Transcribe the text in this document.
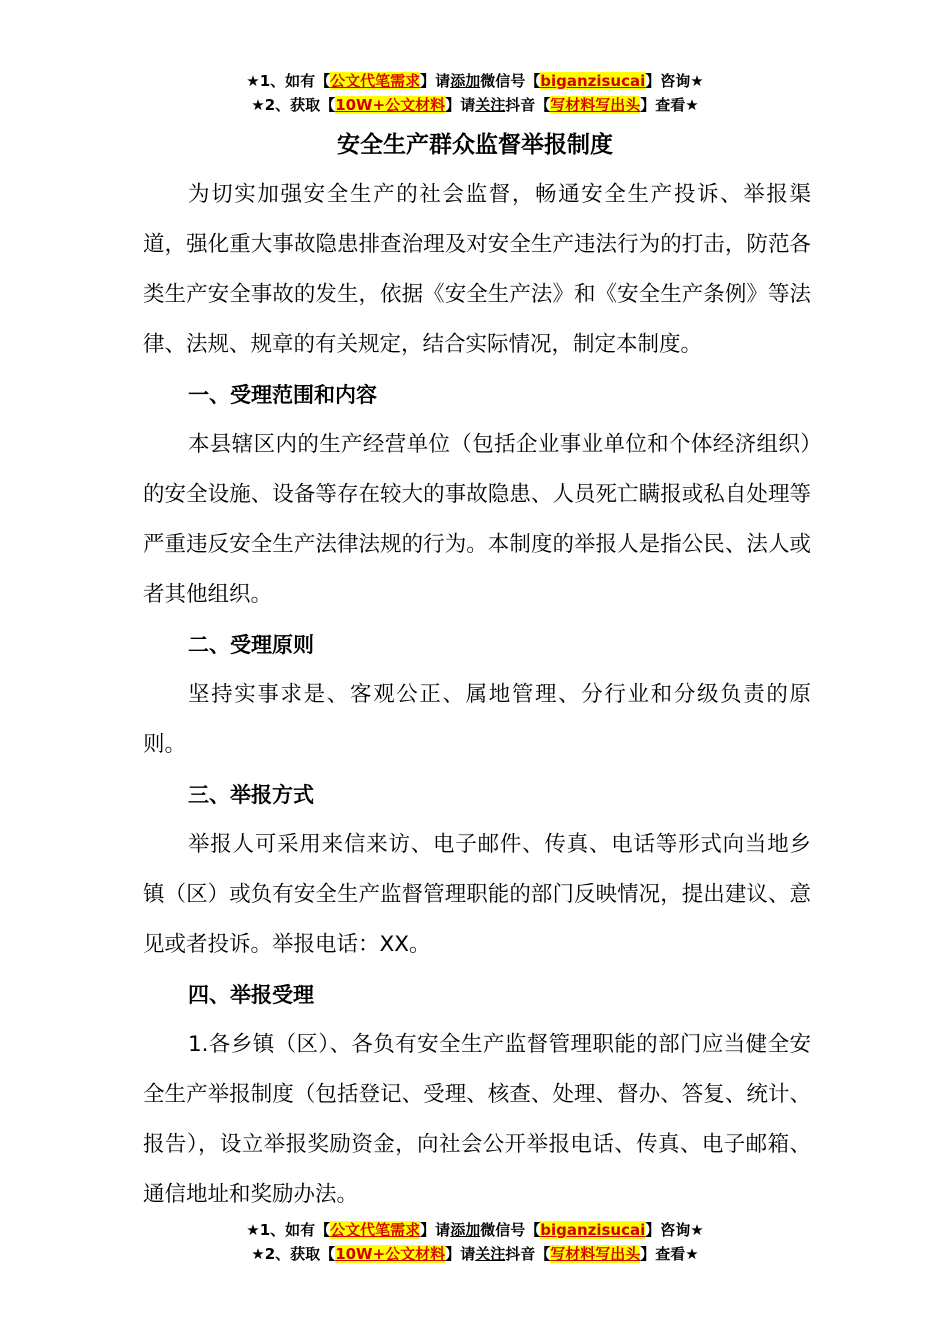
★1、如有【公文代笔需求】请添加微信号【biganzisucai】咨询★
★2、获取【10W+公文材料】请关注抖音【写材料写出头】查看★
安全生产群众监督举报制度

为切实加强安全生产的社会监督，畅通安全生产投诉、举报渠道，强化重大事故隐患排查治理及对安全生产违法行为的打击，防范各类生产安全事故的发生，依据《安全生产法》和《安全生产条例》等法律、法规、规章的有关规定，结合实际情况，制定本制度。

一、受理范围和内容

本县辖区内的生产经营单位（包括企业事业单位和个体经济组织）的安全设施、设备等存在较大的事故隐患、人员死亡瞒报或私自处理等严重违反安全生产法律法规的行为。本制度的举报人是指公民、法人或者其他组织。

二、受理原则

坚持实事求是、客观公正、属地管理、分行业和分级负责的原则。

三、举报方式

举报人可采用来信来访、电子邮件、传真、电话等形式向当地乡镇（区）或负有安全生产监督管理职能的部门反映情况，提出建议、意见或者投诉。举报电话：XX。

四、举报受理

1.各乡镇（区）、各负有安全生产监督管理职能的部门应当健全安全生产举报制度（包括登记、受理、核查、处理、督办、答复、统计、报告），设立举报奖励资金，向社会公开举报电话、传真、电子邮箱、通信地址和奖励办法。

★1、如有【公文代笔需求】请添加微信号【biganzisucai】咨询★
★2、获取【10W+公文材料】请关注抖音【写材料写出头】查看★
